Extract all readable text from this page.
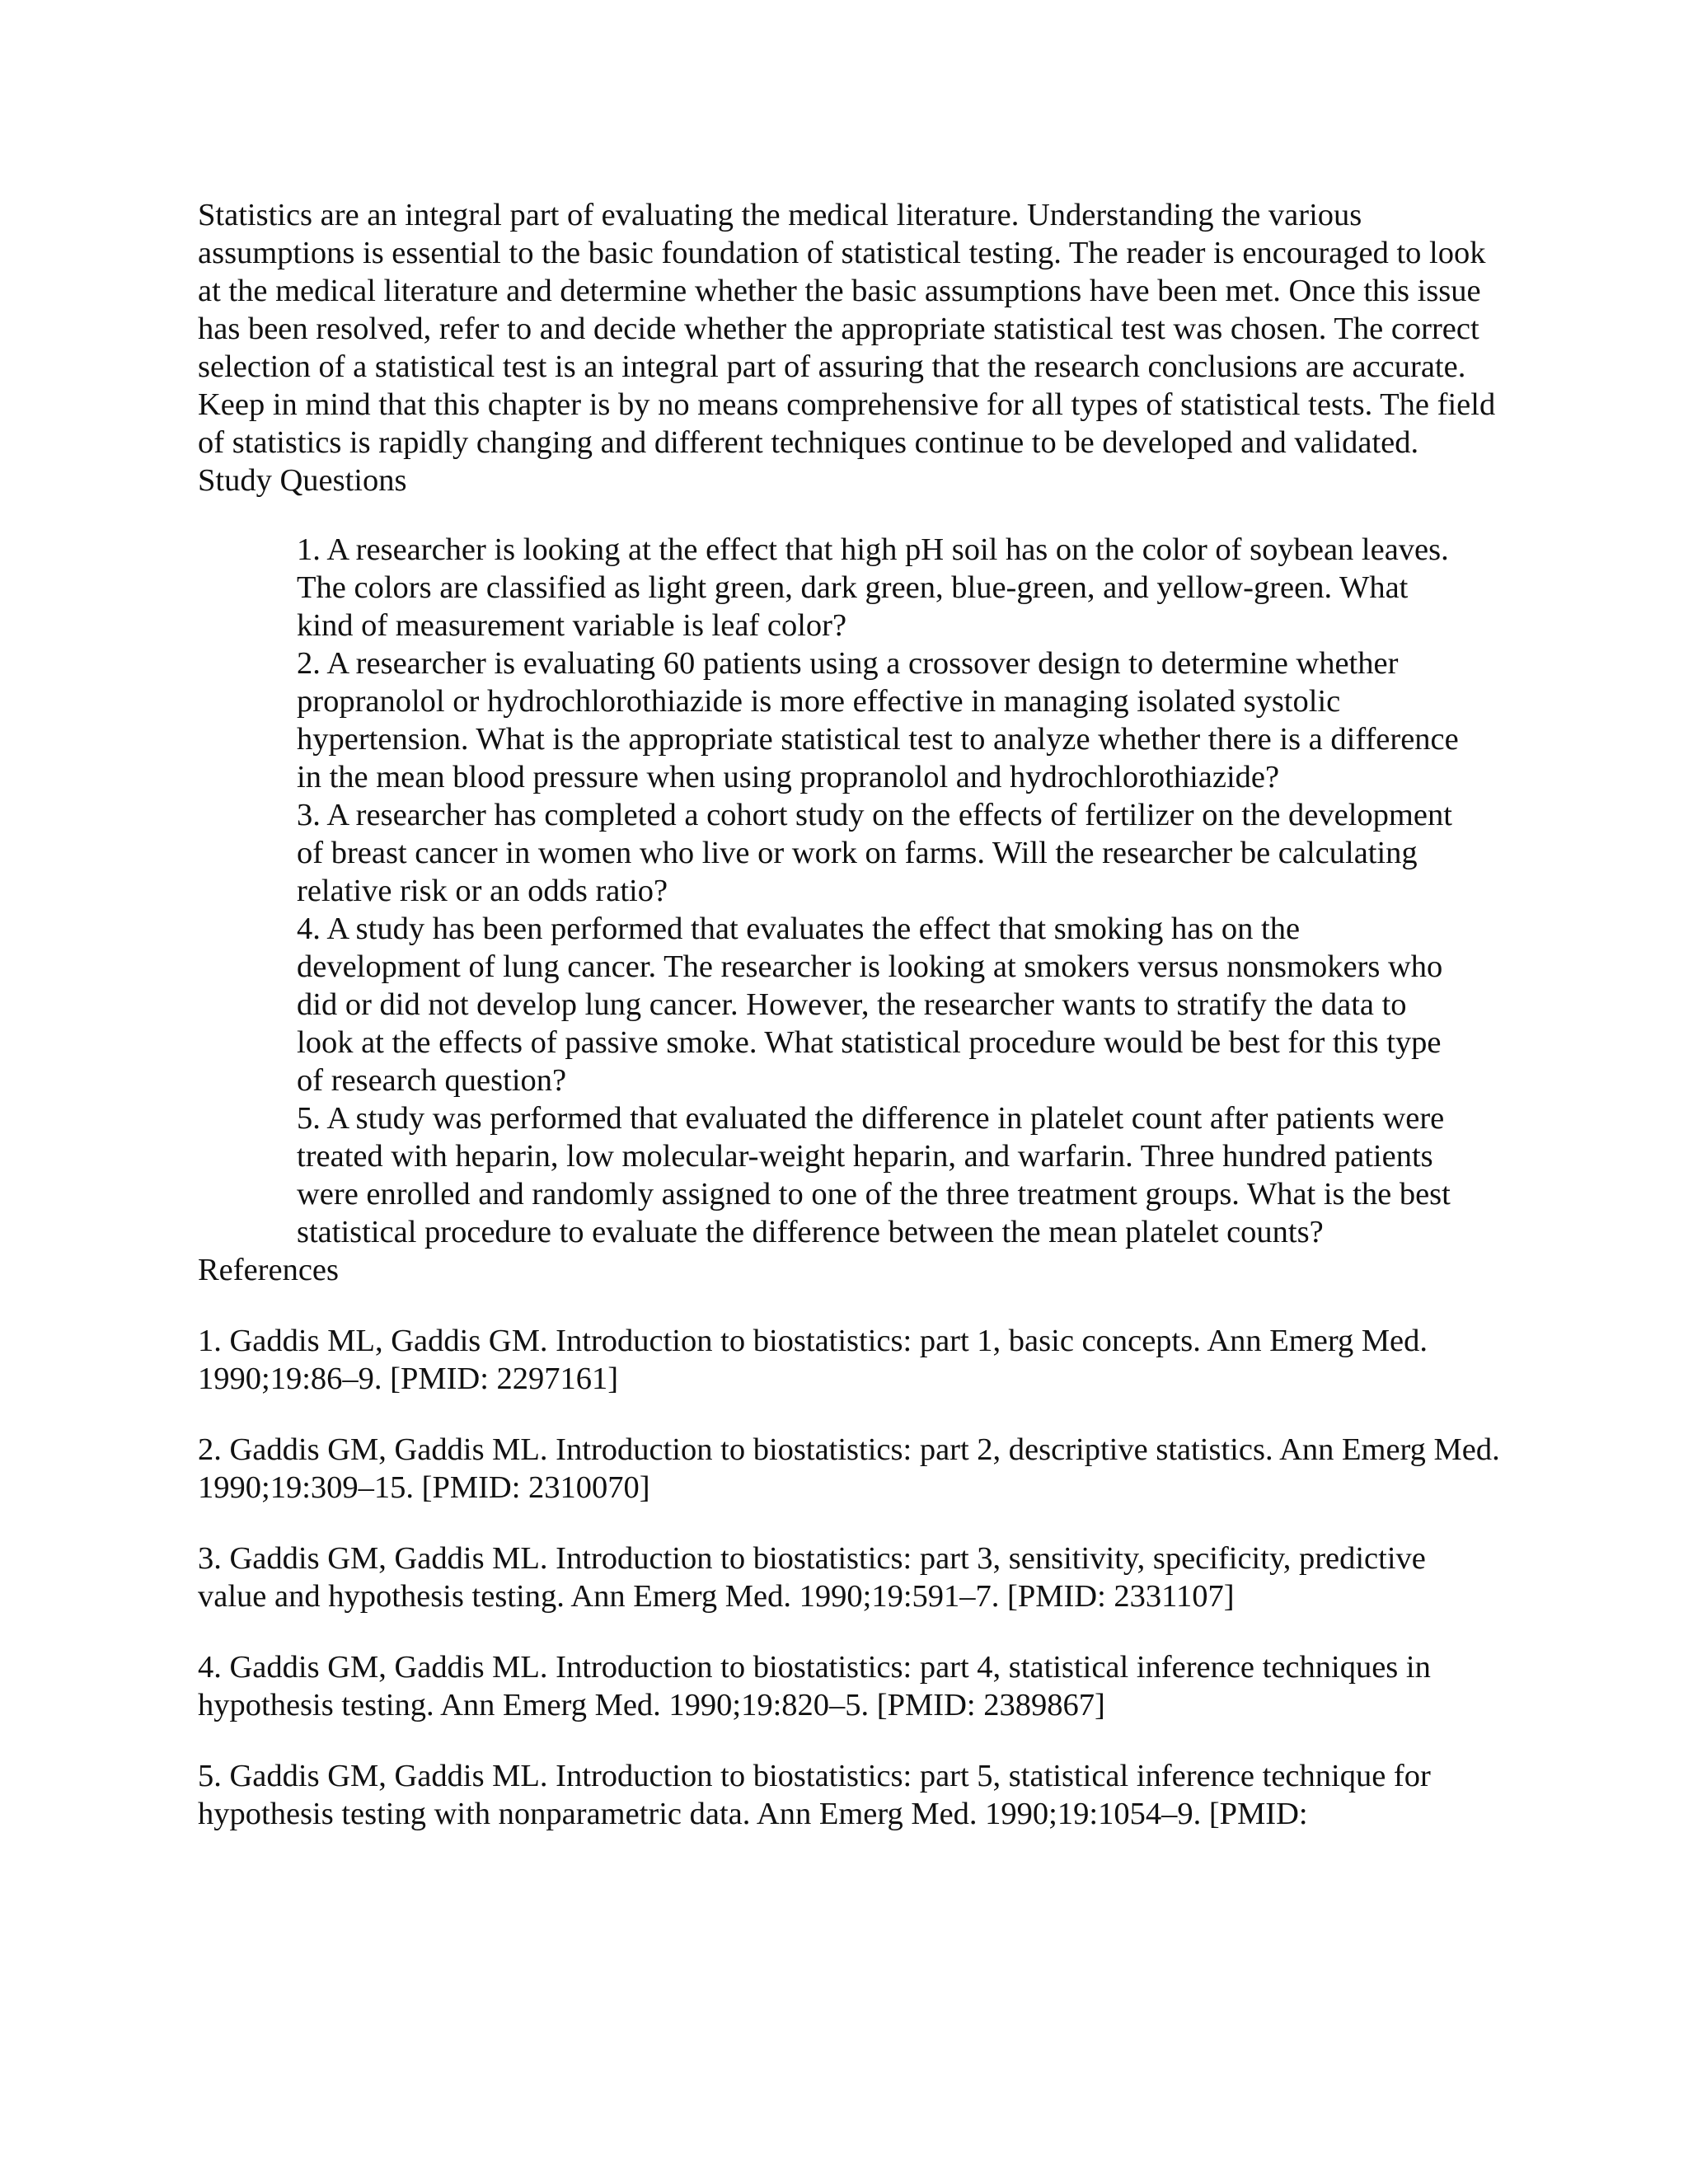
Statistics are an integral part of evaluating the medical literature. Understanding the various assumptions is essential to the basic foundation of statistical testing. The reader is encouraged to look at the medical literature and determine whether the basic assumptions have been met. Once this issue has been resolved, refer to and decide whether the appropriate statistical test was chosen. The correct selection of a statistical test is an integral part of assuring that the research conclusions are accurate. Keep in mind that this chapter is by no means comprehensive for all types of statistical tests. The field of statistics is rapidly changing and different techniques continue to be developed and validated.

Study Questions

1. A researcher is looking at the effect that high pH soil has on the color of soybean leaves. The colors are classified as light green, dark green, blue-green, and yellow-green. What kind of measurement variable is leaf color?
2. A researcher is evaluating 60 patients using a crossover design to determine whether propranolol or hydrochlorothiazide is more effective in managing isolated systolic hypertension. What is the appropriate statistical test to analyze whether there is a difference in the mean blood pressure when using propranolol and hydrochlorothiazide?
3. A researcher has completed a cohort study on the effects of fertilizer on the development of breast cancer in women who live or work on farms. Will the researcher be calculating relative risk or an odds ratio?
4. A study has been performed that evaluates the effect that smoking has on the development of lung cancer. The researcher is looking at smokers versus nonsmokers who did or did not develop lung cancer. However, the researcher wants to stratify the data to look at the effects of passive smoke. What statistical procedure would be best for this type of research question?
5. A study was performed that evaluated the difference in platelet count after patients were treated with heparin, low molecular-weight heparin, and warfarin. Three hundred patients were enrolled and randomly assigned to one of the three treatment groups. What is the best statistical procedure to evaluate the difference between the mean platelet counts?

References

1. Gaddis ML, Gaddis GM. Introduction to biostatistics: part 1, basic concepts. Ann Emerg Med. 1990;19:86–9. [PMID: 2297161]
2. Gaddis GM, Gaddis ML. Introduction to biostatistics: part 2, descriptive statistics. Ann Emerg Med. 1990;19:309–15. [PMID: 2310070]
3. Gaddis GM, Gaddis ML. Introduction to biostatistics: part 3, sensitivity, specificity, predictive value and hypothesis testing. Ann Emerg Med. 1990;19:591–7. [PMID: 2331107]
4. Gaddis GM, Gaddis ML. Introduction to biostatistics: part 4, statistical inference techniques in hypothesis testing. Ann Emerg Med. 1990;19:820–5. [PMID: 2389867]
5. Gaddis GM, Gaddis ML. Introduction to biostatistics: part 5, statistical inference technique for hypothesis testing with nonparametric data. Ann Emerg Med. 1990;19:1054–9. [PMID:
